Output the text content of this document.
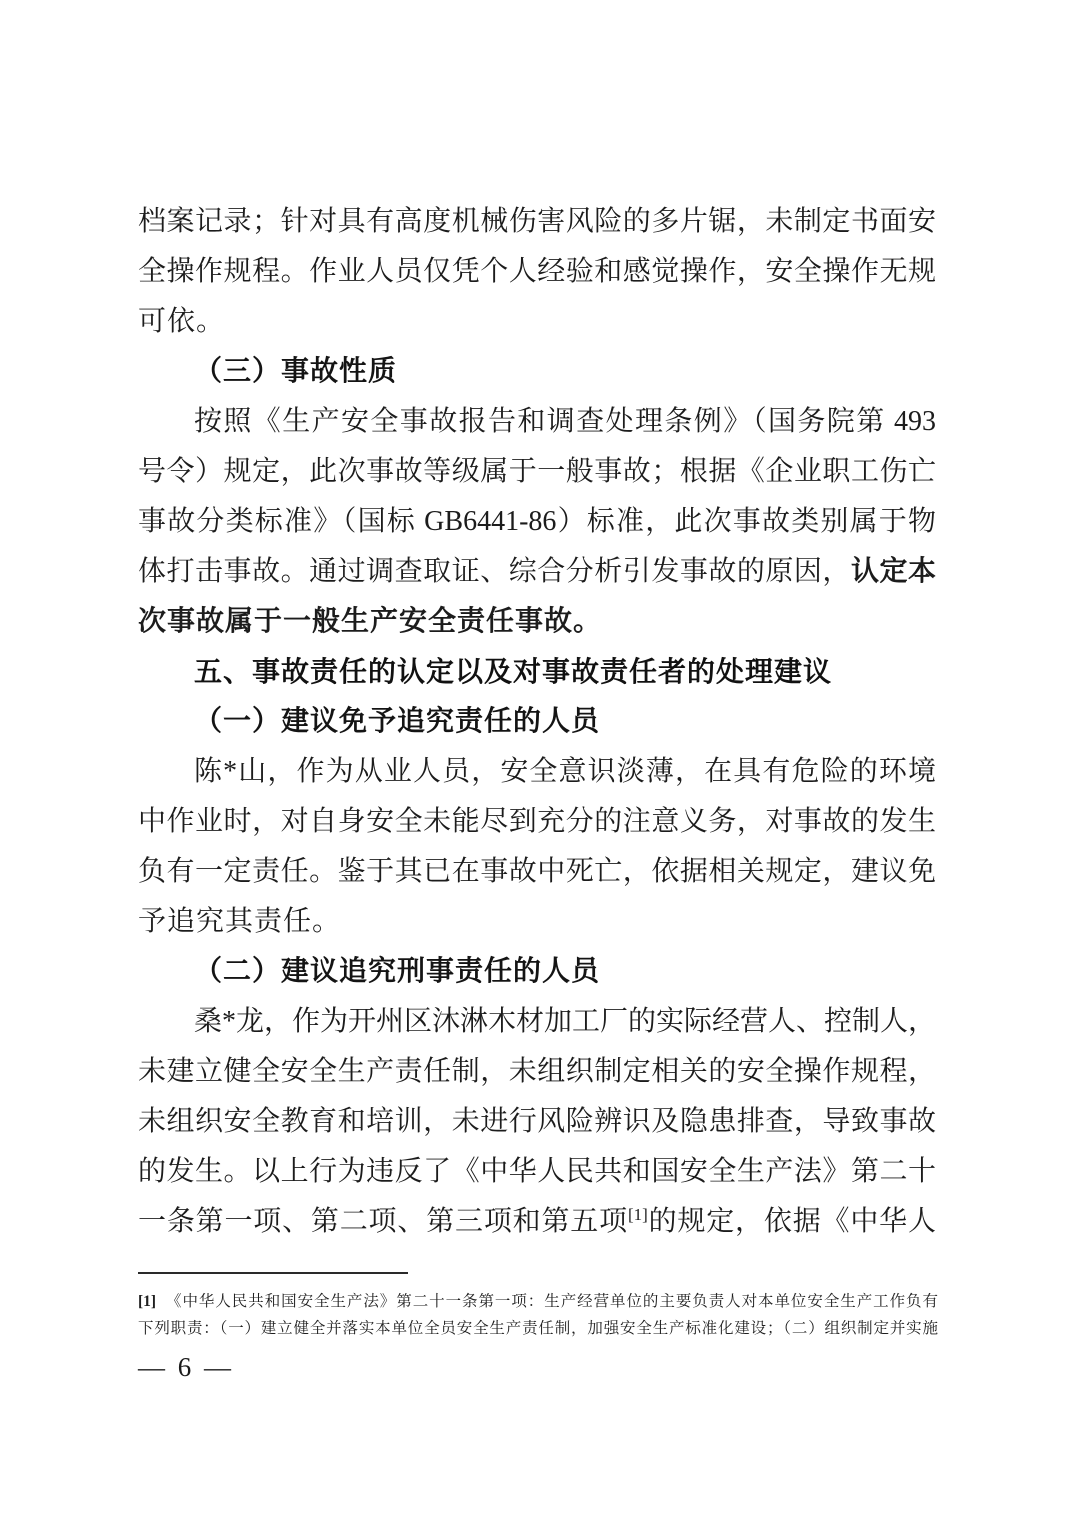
档案记录；针对具有高度机械伤害风险的多片锯，未制定书面安
全操作规程。作业人员仅凭个人经验和感觉操作，安全操作无规
可依。
（三）事故性质
按照《生产安全事故报告和调查处理条例》（国务院第 493
号令）规定，此次事故等级属于一般事故；根据《企业职工伤亡
事故分类标准》（国标 GB6441-86）标准，此次事故类别属于物
体打击事故。通过调查取证、综合分析引发事故的原因，认定本
次事故属于一般生产安全责任事故。
五、事故责任的认定以及对事故责任者的处理建议
（一）建议免予追究责任的人员
陈*山，作为从业人员，安全意识淡薄，在具有危险的环境
中作业时，对自身安全未能尽到充分的注意义务，对事故的发生
负有一定责任。鉴于其已在事故中死亡，依据相关规定，建议免
予追究其责任。
（二）建议追究刑事责任的人员
桑*龙，作为开州区沐淋木材加工厂的实际经营人、控制人，
未建立健全安全生产责任制，未组织制定相关的安全操作规程，
未组织安全教育和培训，未进行风险辨识及隐患排查，导致事故
的发生。以上行为违反了《中华人民共和国安全生产法》第二十
一条第一项、第二项、第三项和第五项[1]的规定，依据《中华人
[1] 《中华人民共和国安全生产法》第二十一条第一项：生产经营单位的主要负责人对本单位安全生产工作负有
下列职责：（一）建立健全并落实本单位全员安全生产责任制，加强安全生产标准化建设；（二）组织制定并实施
— 6 —
